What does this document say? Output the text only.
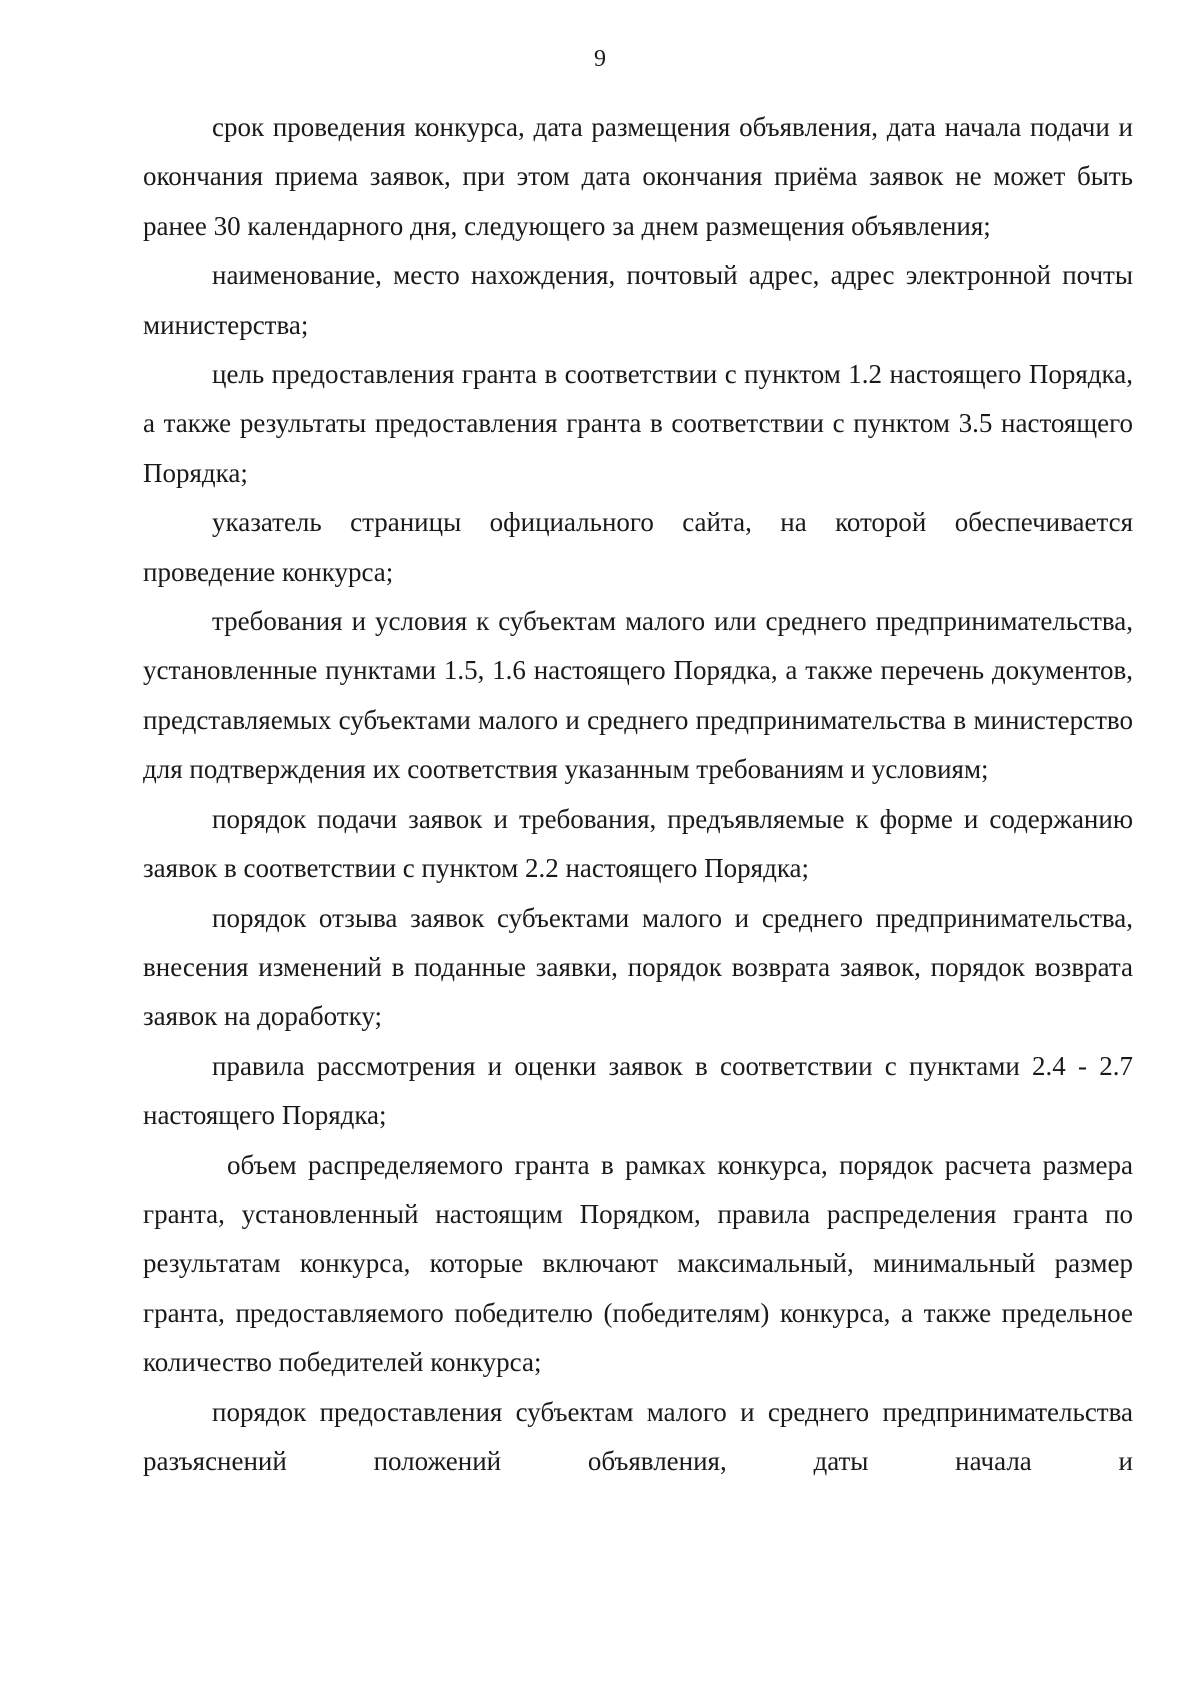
9

срок проведения конкурса, дата размещения объявления, дата начала подачи и окончания приема заявок, при этом дата окончания приёма заявок не может быть ранее 30 календарного дня, следующего за днем размещения объявления;

наименование, место нахождения, почтовый адрес, адрес электронной почты министерства;

цель предоставления гранта в соответствии с пунктом 1.2 настоящего Порядка, а также результаты предоставления гранта в соответствии с пунктом 3.5 настоящего Порядка;

указатель страницы официального сайта, на которой обеспечивается проведение конкурса;

требования и условия к субъектам малого или среднего предпринимательства, установленные пунктами 1.5, 1.6 настоящего Порядка, а также перечень документов, представляемых субъектами малого и среднего предпринимательства в министерство для подтверждения их соответствия указанным требованиям и условиям;

порядок подачи заявок и требования, предъявляемые к форме и содержанию заявок в соответствии с пунктом 2.2 настоящего Порядка;

порядок отзыва заявок субъектами малого и среднего предпринимательства, внесения изменений в поданные заявки, порядок возврата заявок, порядок возврата заявок на доработку;

правила рассмотрения и оценки заявок в соответствии с пунктами 2.4 - 2.7 настоящего Порядка;

объем распределяемого гранта в рамках конкурса, порядок расчета размера гранта, установленный настоящим Порядком, правила распределения гранта по результатам конкурса, которые включают максимальный, минимальный размер гранта, предоставляемого победителю (победителям) конкурса, а также предельное количество победителей конкурса;

порядок предоставления субъектам малого и среднего предпринимательства разъяснений положений объявления, даты начала и
